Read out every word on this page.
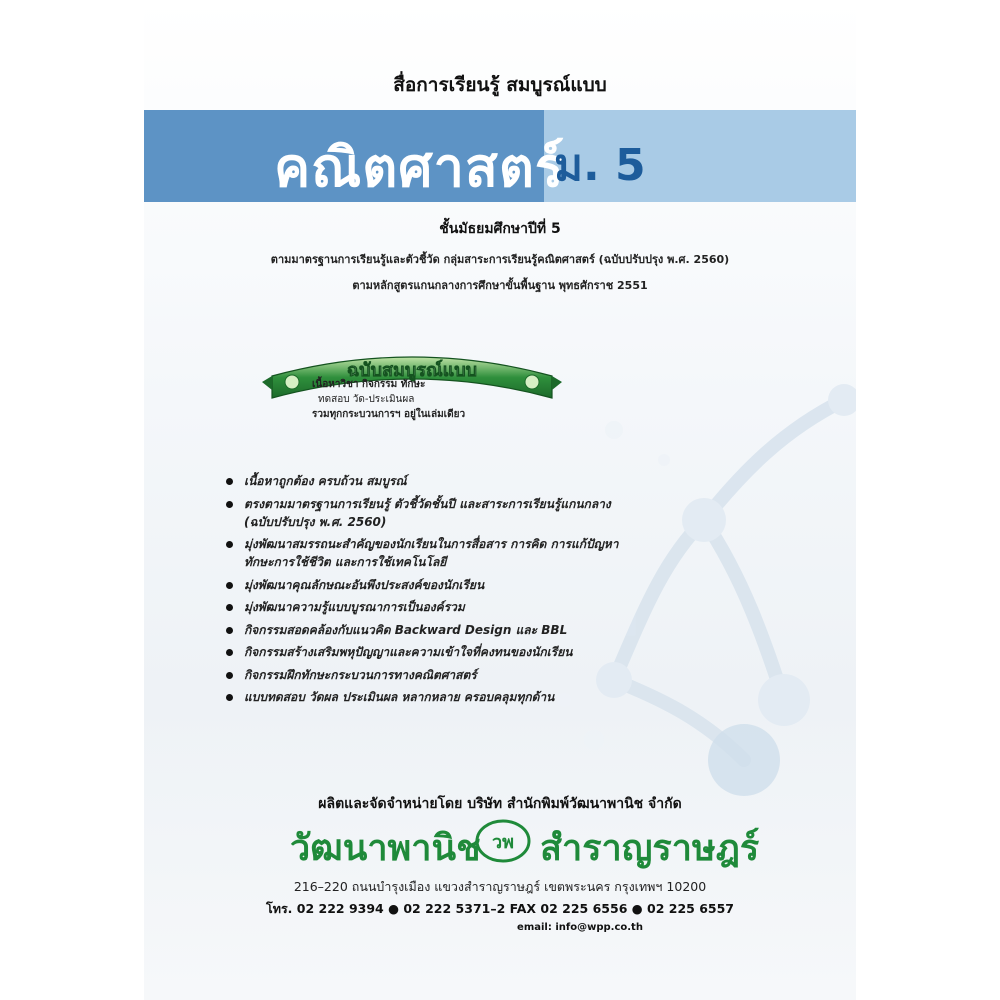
สื่อการเรียนรู้ สมบูรณ์แบบ
คณิตศาสตร์
ม. 5
ชั้นมัธยมศึกษาปีที่ 5
ตามมาตรฐานการเรียนรู้และตัวชี้วัด กลุ่มสาระการเรียนรู้คณิตศาสตร์ (ฉบับปรับปรุง พ.ศ. 2560)
ตามหลักสูตรแกนกลางการศึกษาขั้นพื้นฐาน พุทธศักราช 2551
ฉบับสมบูรณ์แบบ
เนื้อหาวิชา กิจกรรม ทักษะ
ทดสอบ วัด-ประเมินผล
รวมทุกกระบวนการฯ อยู่ในเล่มเดียว
เนื้อหาถูกต้อง ครบถ้วน สมบูรณ์
ตรงตามมาตรฐานการเรียนรู้ ตัวชี้วัดชั้นปี และสาระการเรียนรู้แกนกลาง
(ฉบับปรับปรุง พ.ศ. 2560)
มุ่งพัฒนาสมรรถนะสำคัญของนักเรียนในการสื่อสาร การคิด การแก้ปัญหา
ทักษะการใช้ชีวิต และการใช้เทคโนโลยี
มุ่งพัฒนาคุณลักษณะอันพึงประสงค์ของนักเรียน
มุ่งพัฒนาความรู้แบบบูรณาการเป็นองค์รวม
กิจกรรมสอดคล้องกับแนวคิด Backward Design และ BBL
กิจกรรมสร้างเสริมพหุปัญญาและความเข้าใจที่คงทนของนักเรียน
กิจกรรมฝึกทักษะกระบวนการทางคณิตศาสตร์
แบบทดสอบ วัดผล ประเมินผล หลากหลาย ครอบคลุมทุกด้าน
ผลิตและจัดจำหน่ายโดย บริษัท สำนักพิมพ์วัฒนาพานิช จำกัด
วัฒนาพานิช วพ สำราญราษฎร์
216–220 ถนนบำรุงเมือง แขวงสำราญราษฎร์ เขตพระนคร กรุงเทพฯ 10200
โทร. 02 222 9394 ● 02 222 5371–2 FAX 02 225 6556 ● 02 225 6557
email: info@wpp.co.th
